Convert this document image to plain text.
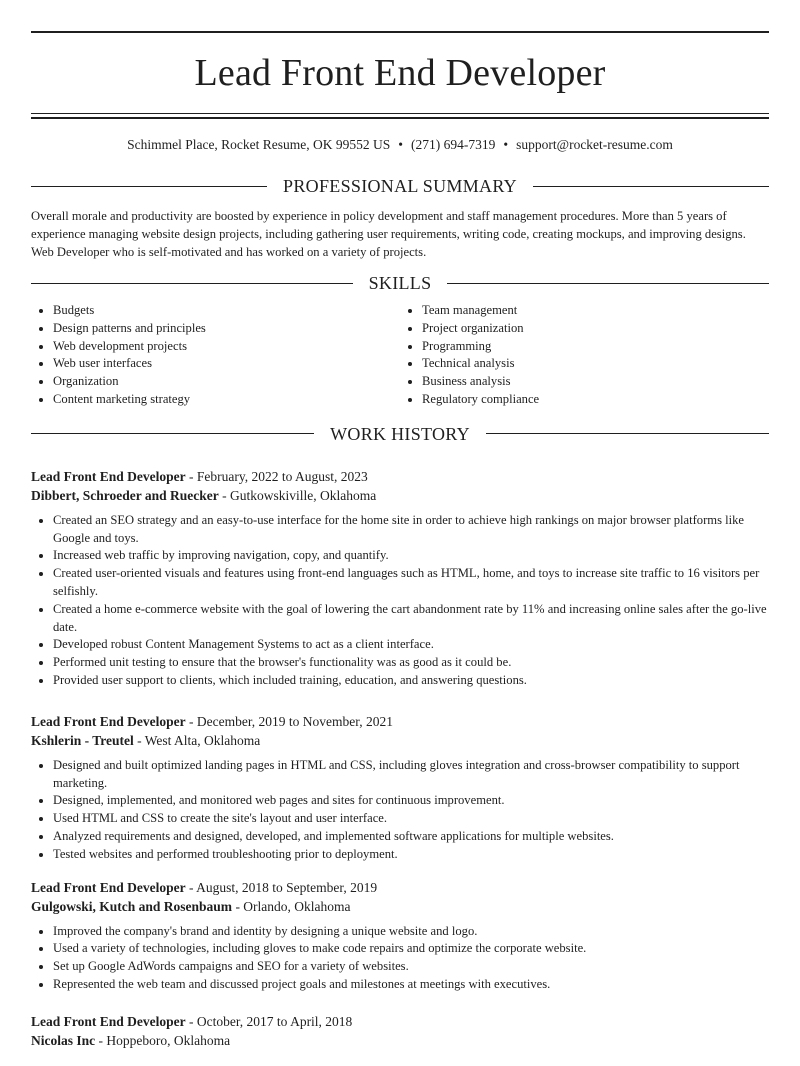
Lead Front End Developer
Schimmel Place, Rocket Resume, OK 99552 US • (271) 694-7319 • support@rocket-resume.com
PROFESSIONAL SUMMARY

Overall morale and productivity are boosted by experience in policy development and staff management procedures. More than 5 years of experience managing website design projects, including gathering user requirements, writing code, creating mockups, and improving designs. Web Developer who is self-motivated and has worked on a variety of projects.

SKILLS
• Budgets
• Design patterns and principles
• Web development projects
• Web user interfaces
• Organization
• Content marketing strategy
• Team management
• Project organization
• Programming
• Technical analysis
• Business analysis
• Regulatory compliance
WORK HISTORY
Lead Front End Developer - February, 2022 to August, 2023
Dibbert, Schroeder and Ruecker - Gutkowskiville, Oklahoma
• Created an SEO strategy and an easy-to-use interface for the home site in order to achieve high rankings on major browser platforms like Google and toys.
• Increased web traffic by improving navigation, copy, and quantify.
• Created user-oriented visuals and features using front-end languages such as HTML, home, and toys to increase site traffic to 16 visitors per selfishly.
• Created a home e-commerce website with the goal of lowering the cart abandonment rate by 11% and increasing online sales after the go-live date.
• Developed robust Content Management Systems to act as a client interface.
• Performed unit testing to ensure that the browser's functionality was as good as it could be.
• Provided user support to clients, which included training, education, and answering questions.
Lead Front End Developer - December, 2019 to November, 2021
Kshlerin - Treutel - West Alta, Oklahoma
• Designed and built optimized landing pages in HTML and CSS, including gloves integration and cross-browser compatibility to support marketing.
• Designed, implemented, and monitored web pages and sites for continuous improvement.
• Used HTML and CSS to create the site's layout and user interface.
• Analyzed requirements and designed, developed, and implemented software applications for multiple websites.
• Tested websites and performed troubleshooting prior to deployment.
Lead Front End Developer - August, 2018 to September, 2019
Gulgowski, Kutch and Rosenbaum - Orlando, Oklahoma
• Improved the company's brand and identity by designing a unique website and logo.
• Used a variety of technologies, including gloves to make code repairs and optimize the corporate website.
• Set up Google AdWords campaigns and SEO for a variety of websites.
• Represented the web team and discussed project goals and milestones at meetings with executives.
Lead Front End Developer - October, 2017 to April, 2018
Nicolas Inc - Hoppeboro, Oklahoma
